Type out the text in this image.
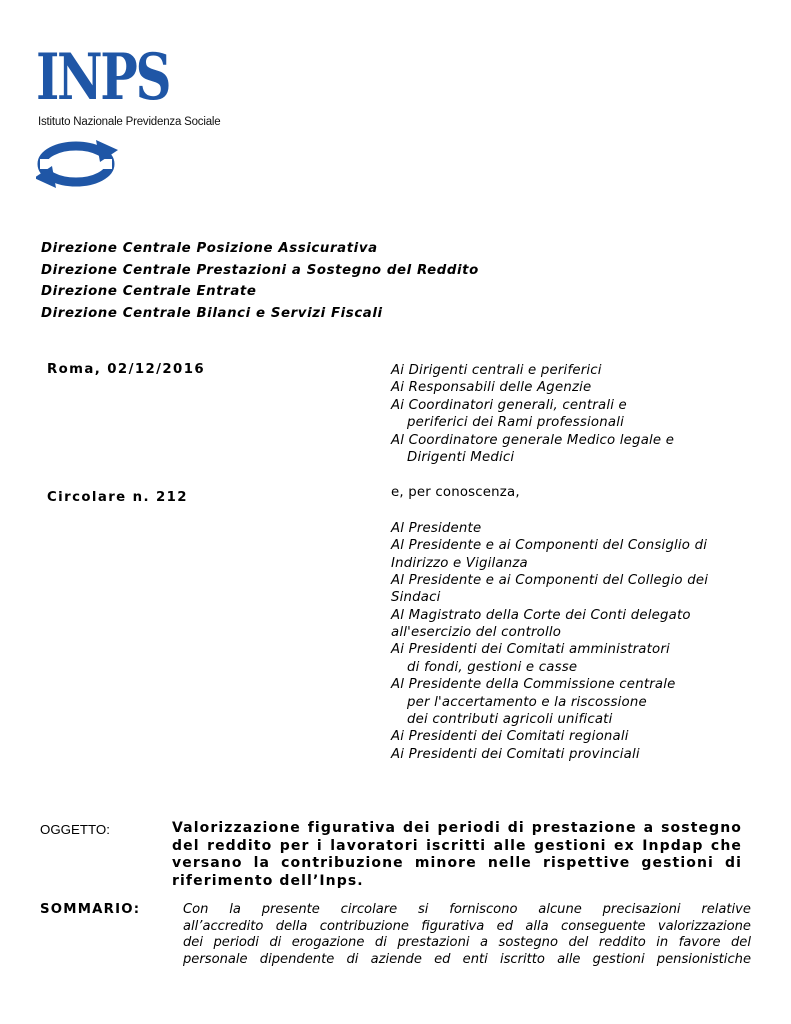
INPS
Istituto Nazionale Previdenza Sociale
Direzione Centrale Posizione Assicurativa
Direzione Centrale Prestazioni a Sostegno del Reddito
Direzione Centrale Entrate
Direzione Centrale Bilanci e Servizi Fiscali
Roma, 02/12/2016
Circolare n. 212
Ai Dirigenti centrali e periferici
Ai Responsabili delle Agenzie
Ai Coordinatori generali, centrali e
periferici dei Rami professionali
Al Coordinatore generale Medico legale e
Dirigenti Medici
e, per conoscenza,
Al Presidente
Al Presidente e ai Componenti del Consiglio di
Indirizzo e Vigilanza
Al Presidente e ai Componenti del Collegio dei
Sindaci
Al Magistrato della Corte dei Conti delegato
all'esercizio del controllo
Ai Presidenti dei Comitati amministratori
di fondi, gestioni e casse
Al Presidente della Commissione centrale
per l'accertamento e la riscossione
dei contributi agricoli unificati
Ai Presidenti dei Comitati regionali
Ai Presidenti dei Comitati provinciali
OGGETTO:	Valorizzazione figurativa dei periodi di prestazione a sostegno del reddito per i lavoratori iscritti alle gestioni ex Inpdap che versano la contribuzione minore nelle rispettive gestioni di riferimento dell’Inps.
SOMMARIO:	Con la presente circolare si forniscono alcune precisazioni relative
all’accredito della contribuzione figurativa ed alla conseguente valorizzazione
dei periodi di erogazione di prestazioni a sostegno del reddito in favore del
personale dipendente di aziende ed enti iscritto alle gestioni pensionistiche
